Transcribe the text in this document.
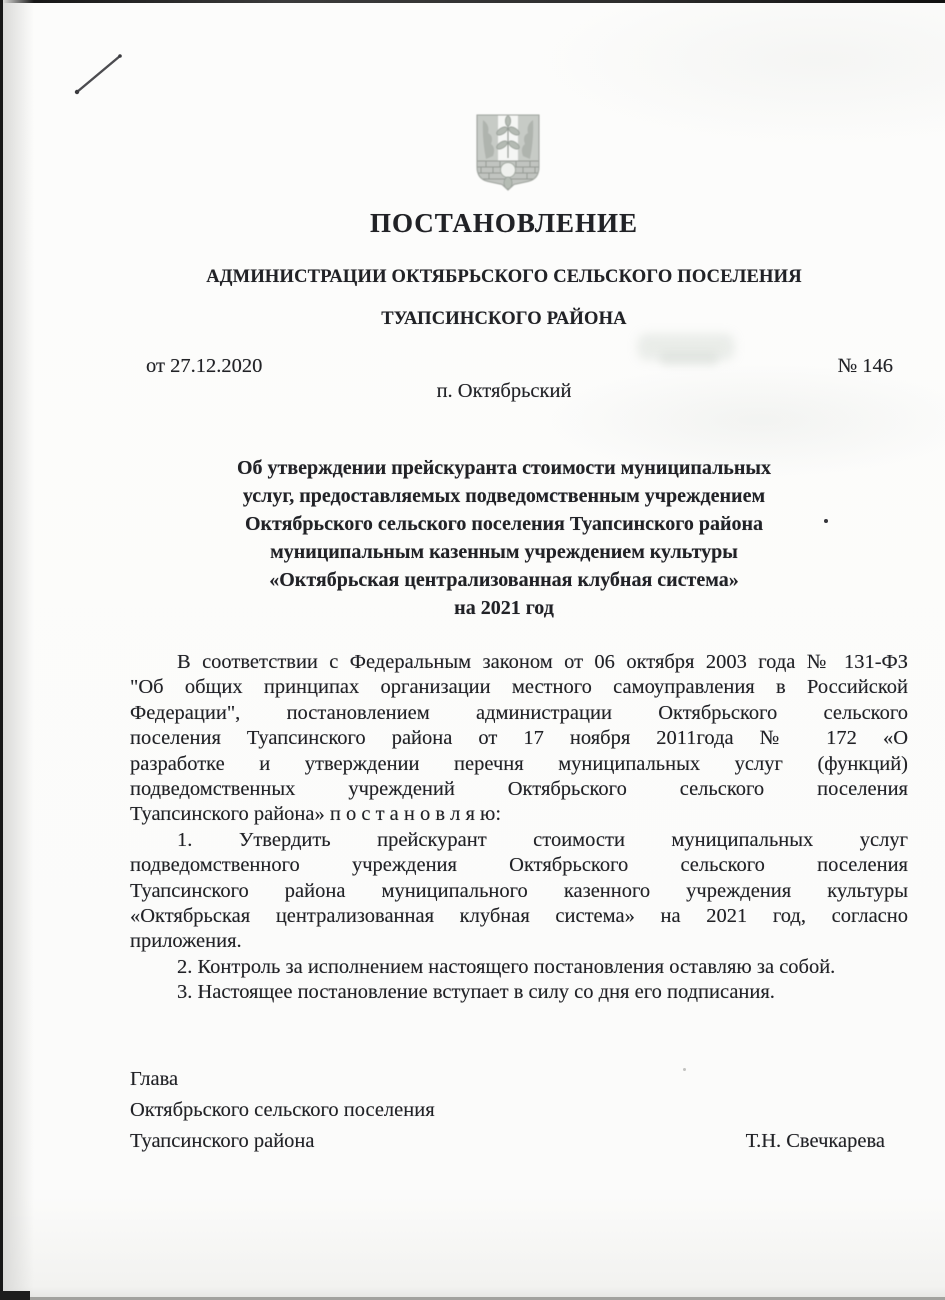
ПОСТАНОВЛЕНИЕ
АДМИНИСТРАЦИИ ОКТЯБРЬСКОГО СЕЛЬСКОГО ПОСЕЛЕНИЯ
ТУАПСИНСКОГО РАЙОНА
от 27.12.2020	№ 146
п. Октябрьский
Об утверждении прейскуранта стоимости муниципальных
услуг, предоставляемых подведомственным учреждением
Октябрьского сельского поселения Туапсинского района
муниципальным казенным учреждением культуры
«Октябрьская централизованная клубная система»
на 2021 год
В соответствии с Федеральным законом от 06 октября 2003 года № 131-ФЗ
"Об общих принципах организации местного самоуправления в Российской
Федерации", постановлением администрации Октябрьского сельского
поселения Туапсинского района от 17 ноября 2011года № 172 «О
разработке и утверждении перечня муниципальных услуг (функций)
подведомственных учреждений Октябрьского сельского поселения
Туапсинского района» п о с т а н о в л я ю:
1. Утвердить прейскурант стоимости муниципальных услуг
подведомственного учреждения Октябрьского сельского поселения
Туапсинского района муниципального казенного учреждения культуры
«Октябрьская централизованная клубная система» на 2021 год, согласно
приложения.
2. Контроль за исполнением настоящего постановления оставляю за собой.
3. Настоящее постановление вступает в силу со дня его подписания.
Глава
Октябрьского сельского поселения
Туапсинского района	Т.Н. Свечкарева
